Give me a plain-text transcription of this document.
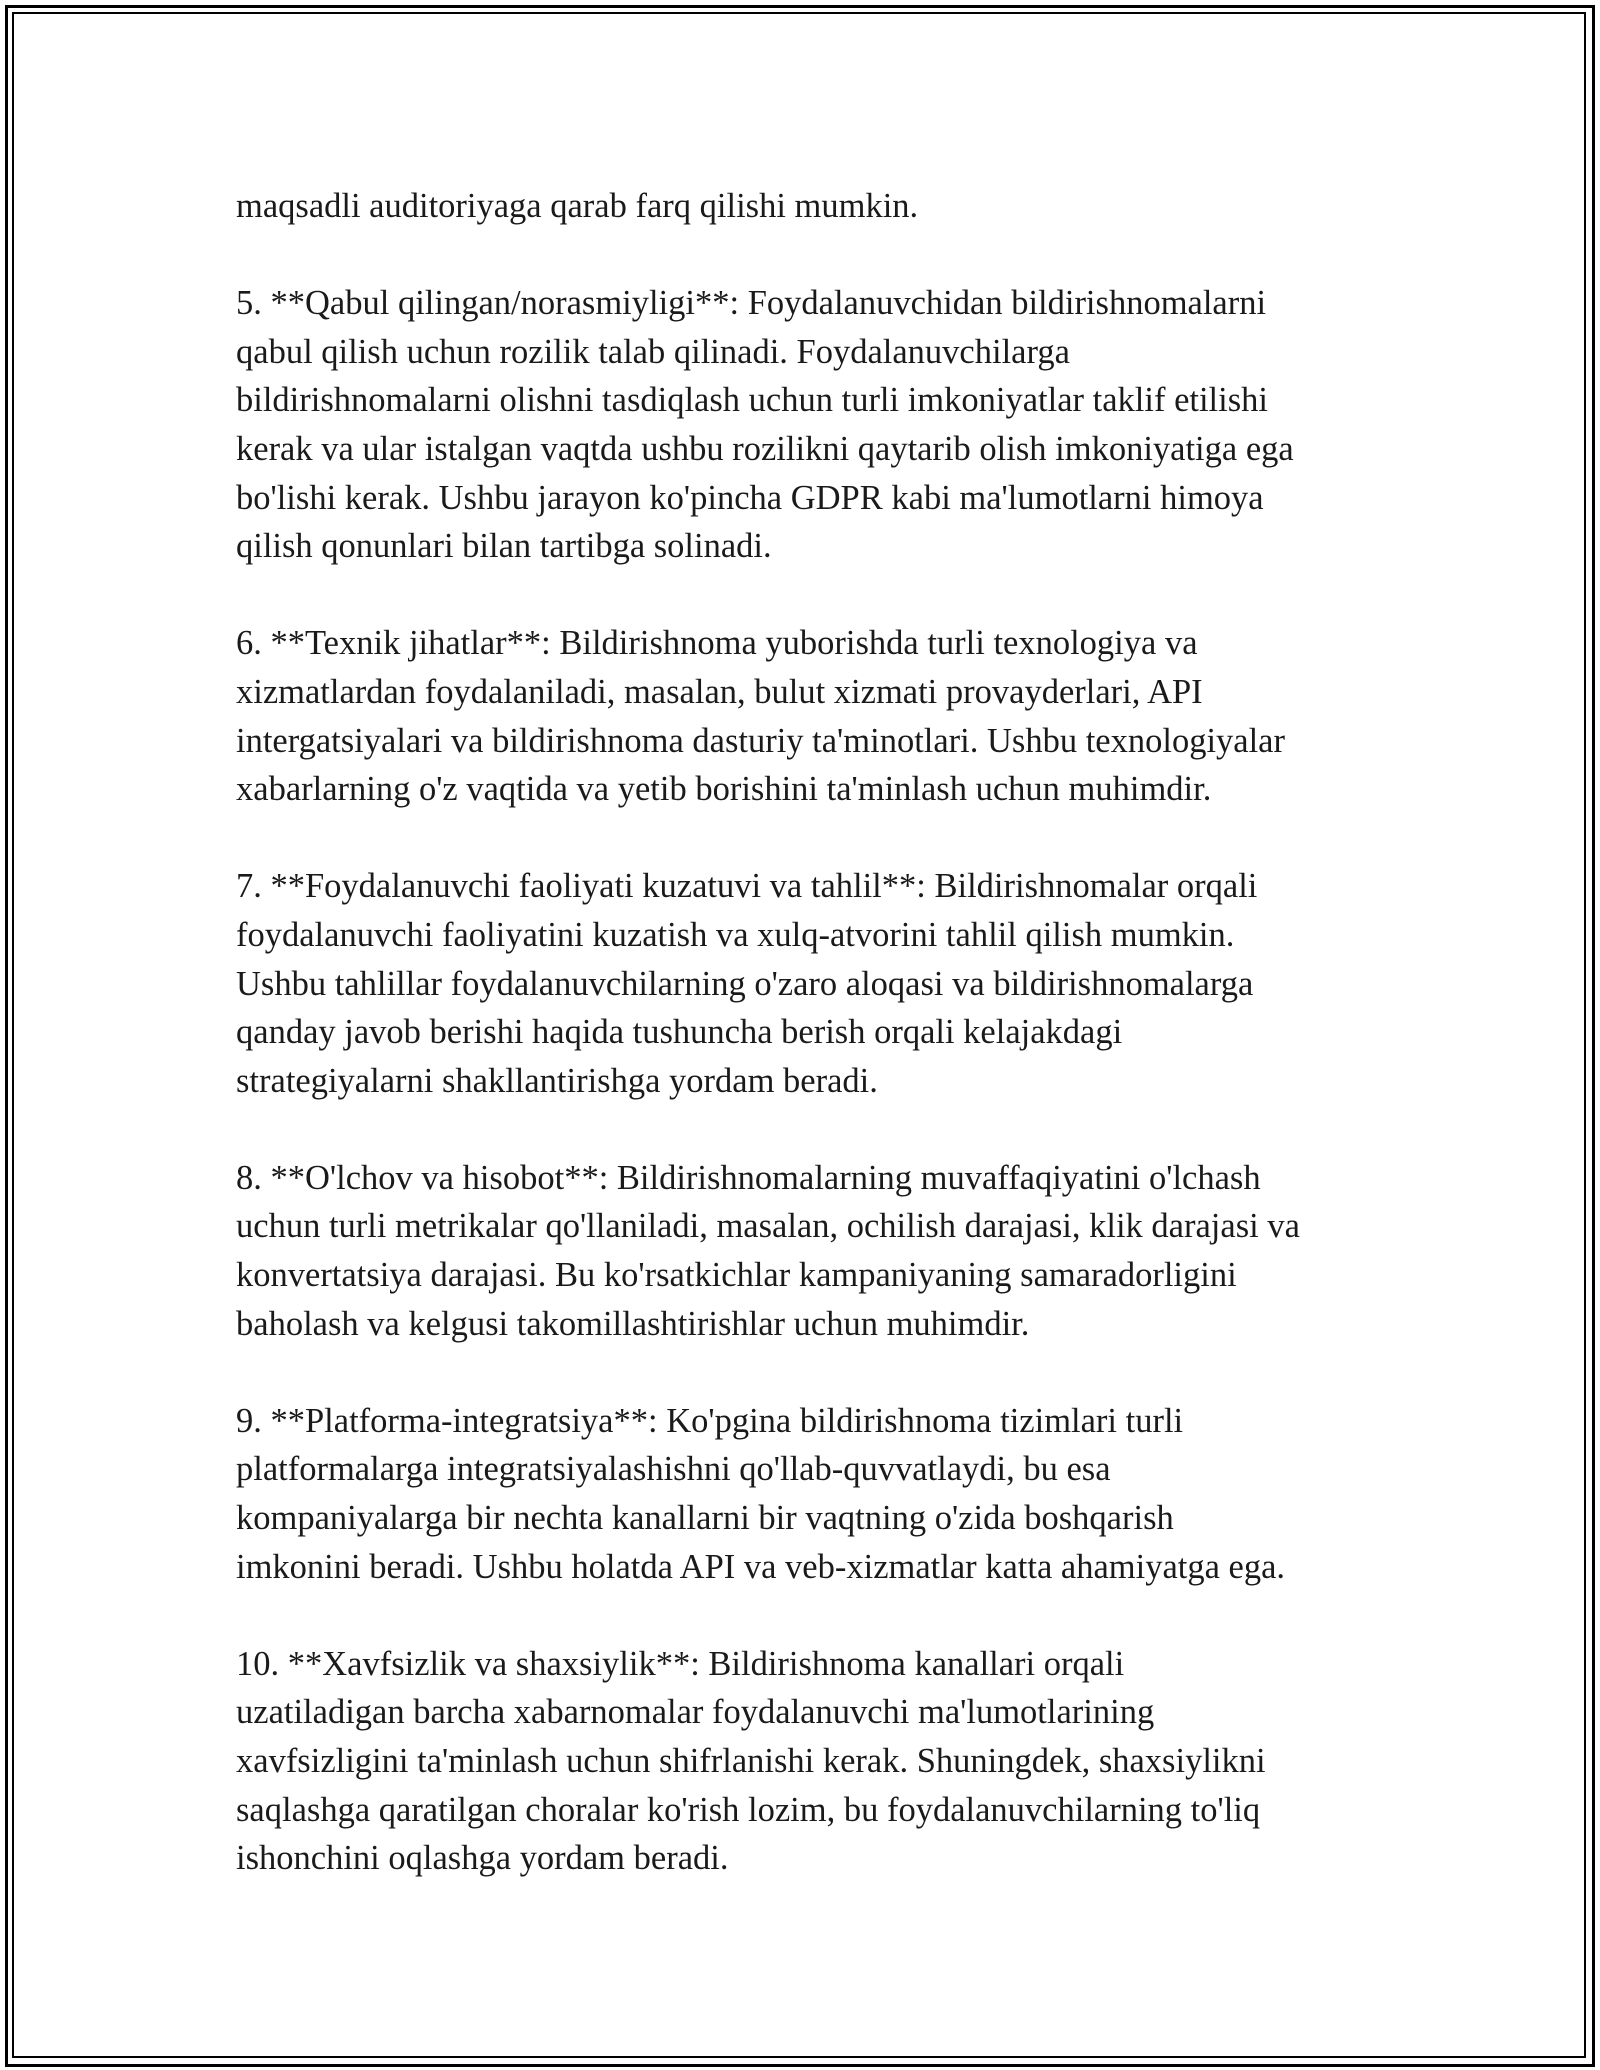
maqsadli auditoriyaga qarab farq qilishi mumkin.

5. **Qabul qilingan/norasmiyligi**: Foydalanuvchidan bildirishnomalarni
qabul qilish uchun rozilik talab qilinadi. Foydalanuvchilarga
bildirishnomalarni olishni tasdiqlash uchun turli imkoniyatlar taklif etilishi
kerak va ular istalgan vaqtda ushbu rozilikni qaytarib olish imkoniyatiga ega
bo'lishi kerak. Ushbu jarayon ko'pincha GDPR kabi ma'lumotlarni himoya
qilish qonunlari bilan tartibga solinadi.

6. **Texnik jihatlar**: Bildirishnoma yuborishda turli texnologiya va
xizmatlardan foydalaniladi, masalan, bulut xizmati provayderlari, API
intergatsiyalari va bildirishnoma dasturiy ta'minotlari. Ushbu texnologiyalar
xabarlarning o'z vaqtida va yetib borishini ta'minlash uchun muhimdir.

7. **Foydalanuvchi faoliyati kuzatuvi va tahlil**: Bildirishnomalar orqali
foydalanuvchi faoliyatini kuzatish va xulq-atvorini tahlil qilish mumkin.
Ushbu tahlillar foydalanuvchilarning o'zaro aloqasi va bildirishnomalarga
qanday javob berishi haqida tushuncha berish orqali kelajakdagi
strategiyalarni shakllantirishga yordam beradi.

8. **O'lchov va hisobot**: Bildirishnomalarning muvaffaqiyatini o'lchash
uchun turli metrikalar qo'llaniladi, masalan, ochilish darajasi, klik darajasi va
konvertatsiya darajasi. Bu ko'rsatkichlar kampaniyaning samaradorligini
baholash va kelgusi takomillashtirishlar uchun muhimdir.

9. **Platforma-integratsiya**: Ko'pgina bildirishnoma tizimlari turli
platformalarga integratsiyalashishni qo'llab-quvvatlaydi, bu esa
kompaniyalarga bir nechta kanallarni bir vaqtning o'zida boshqarish
imkonini beradi. Ushbu holatda API va veb-xizmatlar katta ahamiyatga ega.

10. **Xavfsizlik va shaxsiylik**: Bildirishnoma kanallari orqali
uzatiladigan barcha xabarnomalar foydalanuvchi ma'lumotlarining
xavfsizligini ta'minlash uchun shifrlanishi kerak. Shuningdek, shaxsiylikni
saqlashga qaratilgan choralar ko'rish lozim, bu foydalanuvchilarning to'liq
ishonchini oqlashga yordam beradi.
